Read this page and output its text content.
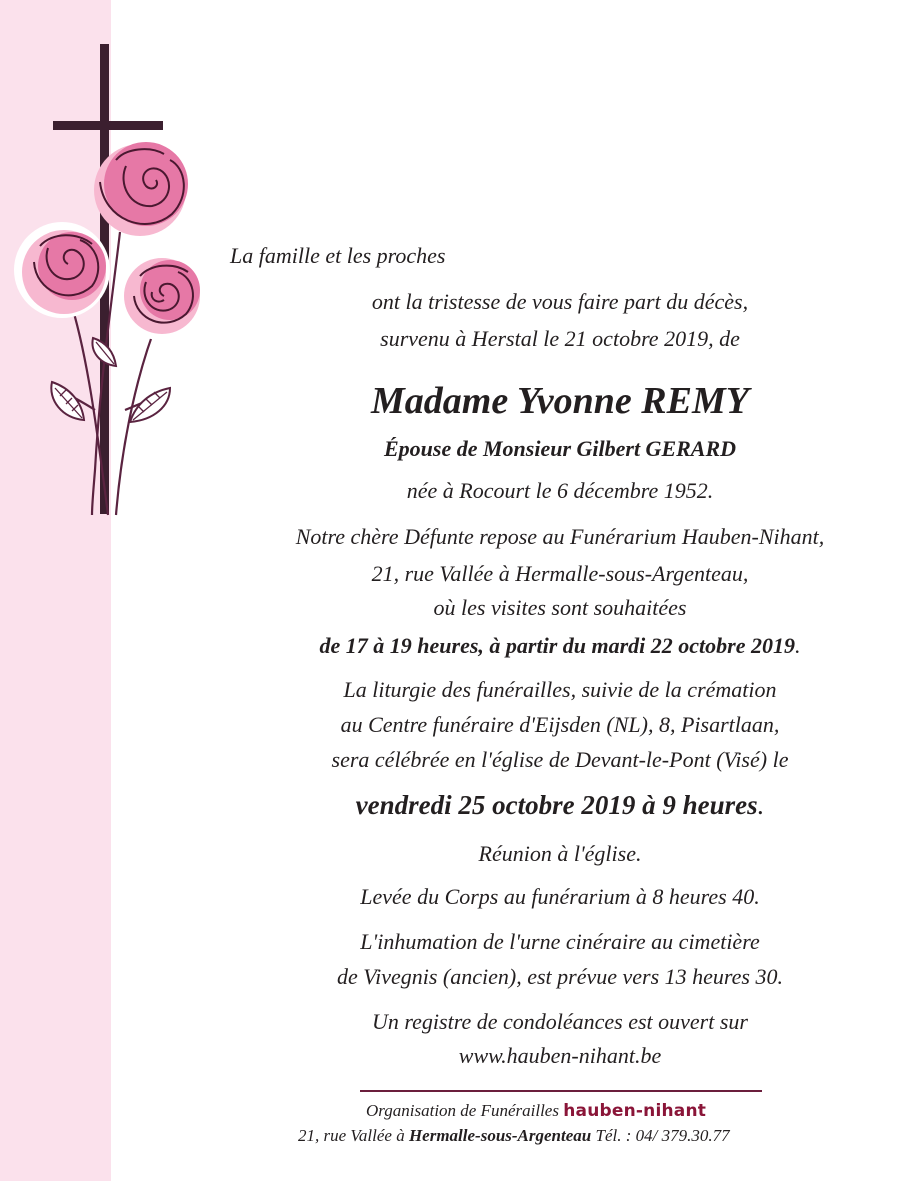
La famille et les proches
ont la tristesse de vous faire part du décès,
survenu à Herstal le 21 octobre 2019, de
Madame Yvonne REMY
Épouse de Monsieur Gilbert GERARD
née à Rocourt le 6 décembre 1952.
Notre chère Défunte repose au Funérarium Hauben-Nihant,
21, rue Vallée à Hermalle-sous-Argenteau,
où les visites sont souhaitées
de 17 à 19 heures, à partir du mardi 22 octobre 2019.
La liturgie des funérailles, suivie de la crémation
au Centre funéraire d'Eijsden (NL), 8, Pisartlaan,
sera célébrée en l'église de Devant-le-Pont (Visé) le
vendredi 25 octobre 2019 à 9 heures.
Réunion à l'église.
Levée du Corps au funérarium à 8 heures 40.
L'inhumation de l'urne cinéraire au cimetière
de Vivegnis (ancien), est prévue vers 13 heures 30.
Un registre de condoléances est ouvert sur
www.hauben-nihant.be
Organisation de Funérailles hauben-nihant
21, rue Vallée à Hermalle-sous-Argenteau Tél. : 04/ 379.30.77
